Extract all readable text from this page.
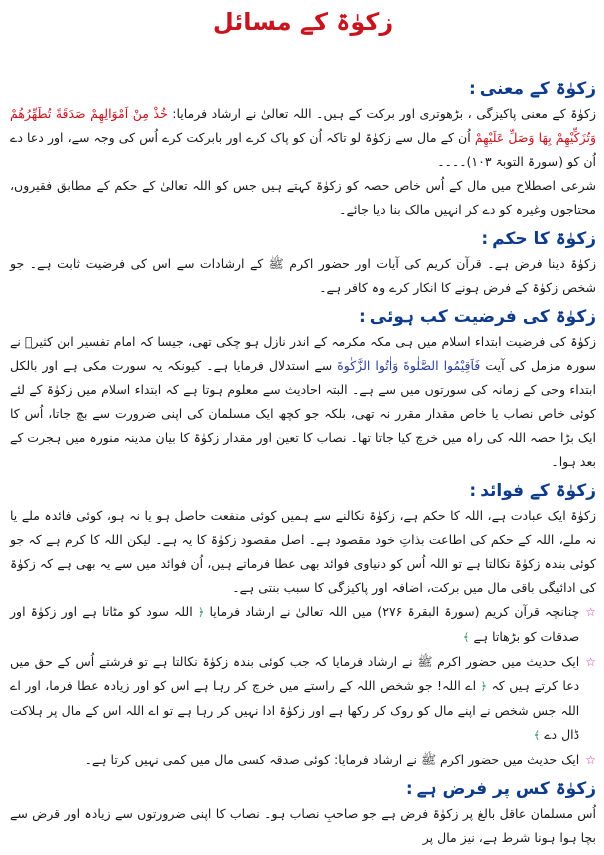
زکوٰۃ کے مسائل
زکوٰۃ کے معنی
:

زکوٰۃ کے معنی پاکیزگی ، بڑھوتری اور برکت کے ہیں۔ اللہ تعالیٰ نے ارشاد فرمایا: خُذْ مِنْ اَمْوَالِهِمْ صَدَقَةً تُطَهِّرُهُمْ وَتُزَكِّيْهِمْ بِهَا وَصَلِّ عَلَيْهِمْ اُن کے مال سے زکوٰۃ لو تاکہ اُن کو پاک کرے اور بابرکت کرے اُس کی وجہ سے، اور دعا دے اُن کو (سورۃ التوبۃ ۱۰۳)۔۔۔۔

شرعی اصطلاح میں مال کے اُس خاص حصہ کو زکوٰۃ کہتے ہیں جس کو اللہ تعالیٰ کے حکم کے مطابق فقیروں، محتاجوں وغیرہ کو دے کر انہیں مالک بنا دیا جائے۔

زکوٰۃ کا حکم
:

زکوٰۃ دینا فرض ہے۔ قرآن کریم کی آیات اور حضور اکرم ﷺ کے ارشادات سے اس کی فرضیت ثابت ہے۔ جو شخص زکوٰۃ کے فرض ہونے کا انکار کرے وہ کافر ہے۔

زکوٰۃ کی فرضیت کب ہوئی
:

زکوٰۃ کی فرضیت ابتداء اسلام میں ہی مکہ مکرمہ کے اندر نازل ہو چکی تھی، جیسا کہ امام تفسیر ابن کثیرؒ نے سورہ مزمل کی آیت فَاَقِيْمُوا الصَّلٰوةَ وَاٰتُوا الزَّكٰوةَ سے استدلال فرمایا ہے۔ کیونکہ یہ سورت مکی ہے اور بالکل ابتداء وحی کے زمانہ کی سورتوں میں سے ہے۔ البتہ احادیث سے معلوم ہوتا ہے کہ ابتداء اسلام میں زکوٰۃ کے لئے کوئی خاص نصاب یا خاص مقدار مقرر نہ تھی، بلکہ جو کچھ ایک مسلمان کی اپنی ضرورت سے بچ جاتا، اُس کا ایک بڑا حصہ اللہ کی راہ میں خرچ کیا جاتا تھا۔ نصاب کا تعین اور مقدار زکوٰۃ کا بیان مدینہ منورہ میں ہجرت کے بعد ہوا۔

زکوٰۃ کے فوائد
:

زکوٰۃ ایک عبادت ہے، اللہ کا حکم ہے، زکوٰۃ نکالنے سے ہمیں کوئی منفعت حاصل ہو یا نہ ہو، کوئی فائدہ ملے یا نہ ملے، اللہ کے حکم کی اطاعت بذاتِ خود مقصود ہے۔ اصل مقصود زکوٰۃ کا یہ ہے۔ لیکن اللہ کا کرم ہے کہ جو کوئی بندہ زکوٰۃ نکالتا ہے تو اللہ اُس کو دنیاوی فوائد بھی عطا فرماتے ہیں، اُن فوائد میں سے یہ بھی ہے کہ زکوٰۃ کی ادائیگی باقی مال میں برکت، اضافہ اور پاکیزگی کا سبب بنتی ہے۔

☆
چنانچہ قرآن کریم (سورۃ البقرۃ ۲۷۶) میں اللہ تعالیٰ نے ارشاد فرمایا ﴿ اللہ سود کو مٹاتا ہے اور زکوٰۃ اور صدقات کو بڑھاتا ہے ﴾

☆
ایک حدیث میں حضور اکرم ﷺ نے ارشاد فرمایا کہ جب کوئی بندہ زکوٰۃ نکالتا ہے تو فرشتے اُس کے حق میں دعا کرتے ہیں کہ ﴿ اے اللہ! جو شخص اللہ کے راستے میں خرچ کر رہا ہے اس کو اور زیادہ عطا فرما، اور اے اللہ جس شخص نے اپنے مال کو روک کر رکھا ہے اور زکوٰۃ ادا نہیں کر رہا ہے تو اے اللہ اس کے مال پر ہلاکت ڈال دے ﴾

☆
ایک حدیث میں حضور اکرم ﷺ نے ارشاد فرمایا: کوئی صدقہ کسی مال میں کمی نہیں کرتا ہے۔

زکوٰۃ کس پر فرض ہے
:

اُس مسلمان عاقل بالغ پر زکوٰۃ فرض ہے جو صاحبِ نصاب ہو۔ نصاب کا اپنی ضرورتوں سے زیادہ اور قرض سے بچا ہوا ہونا شرط ہے، نیز مال پر
